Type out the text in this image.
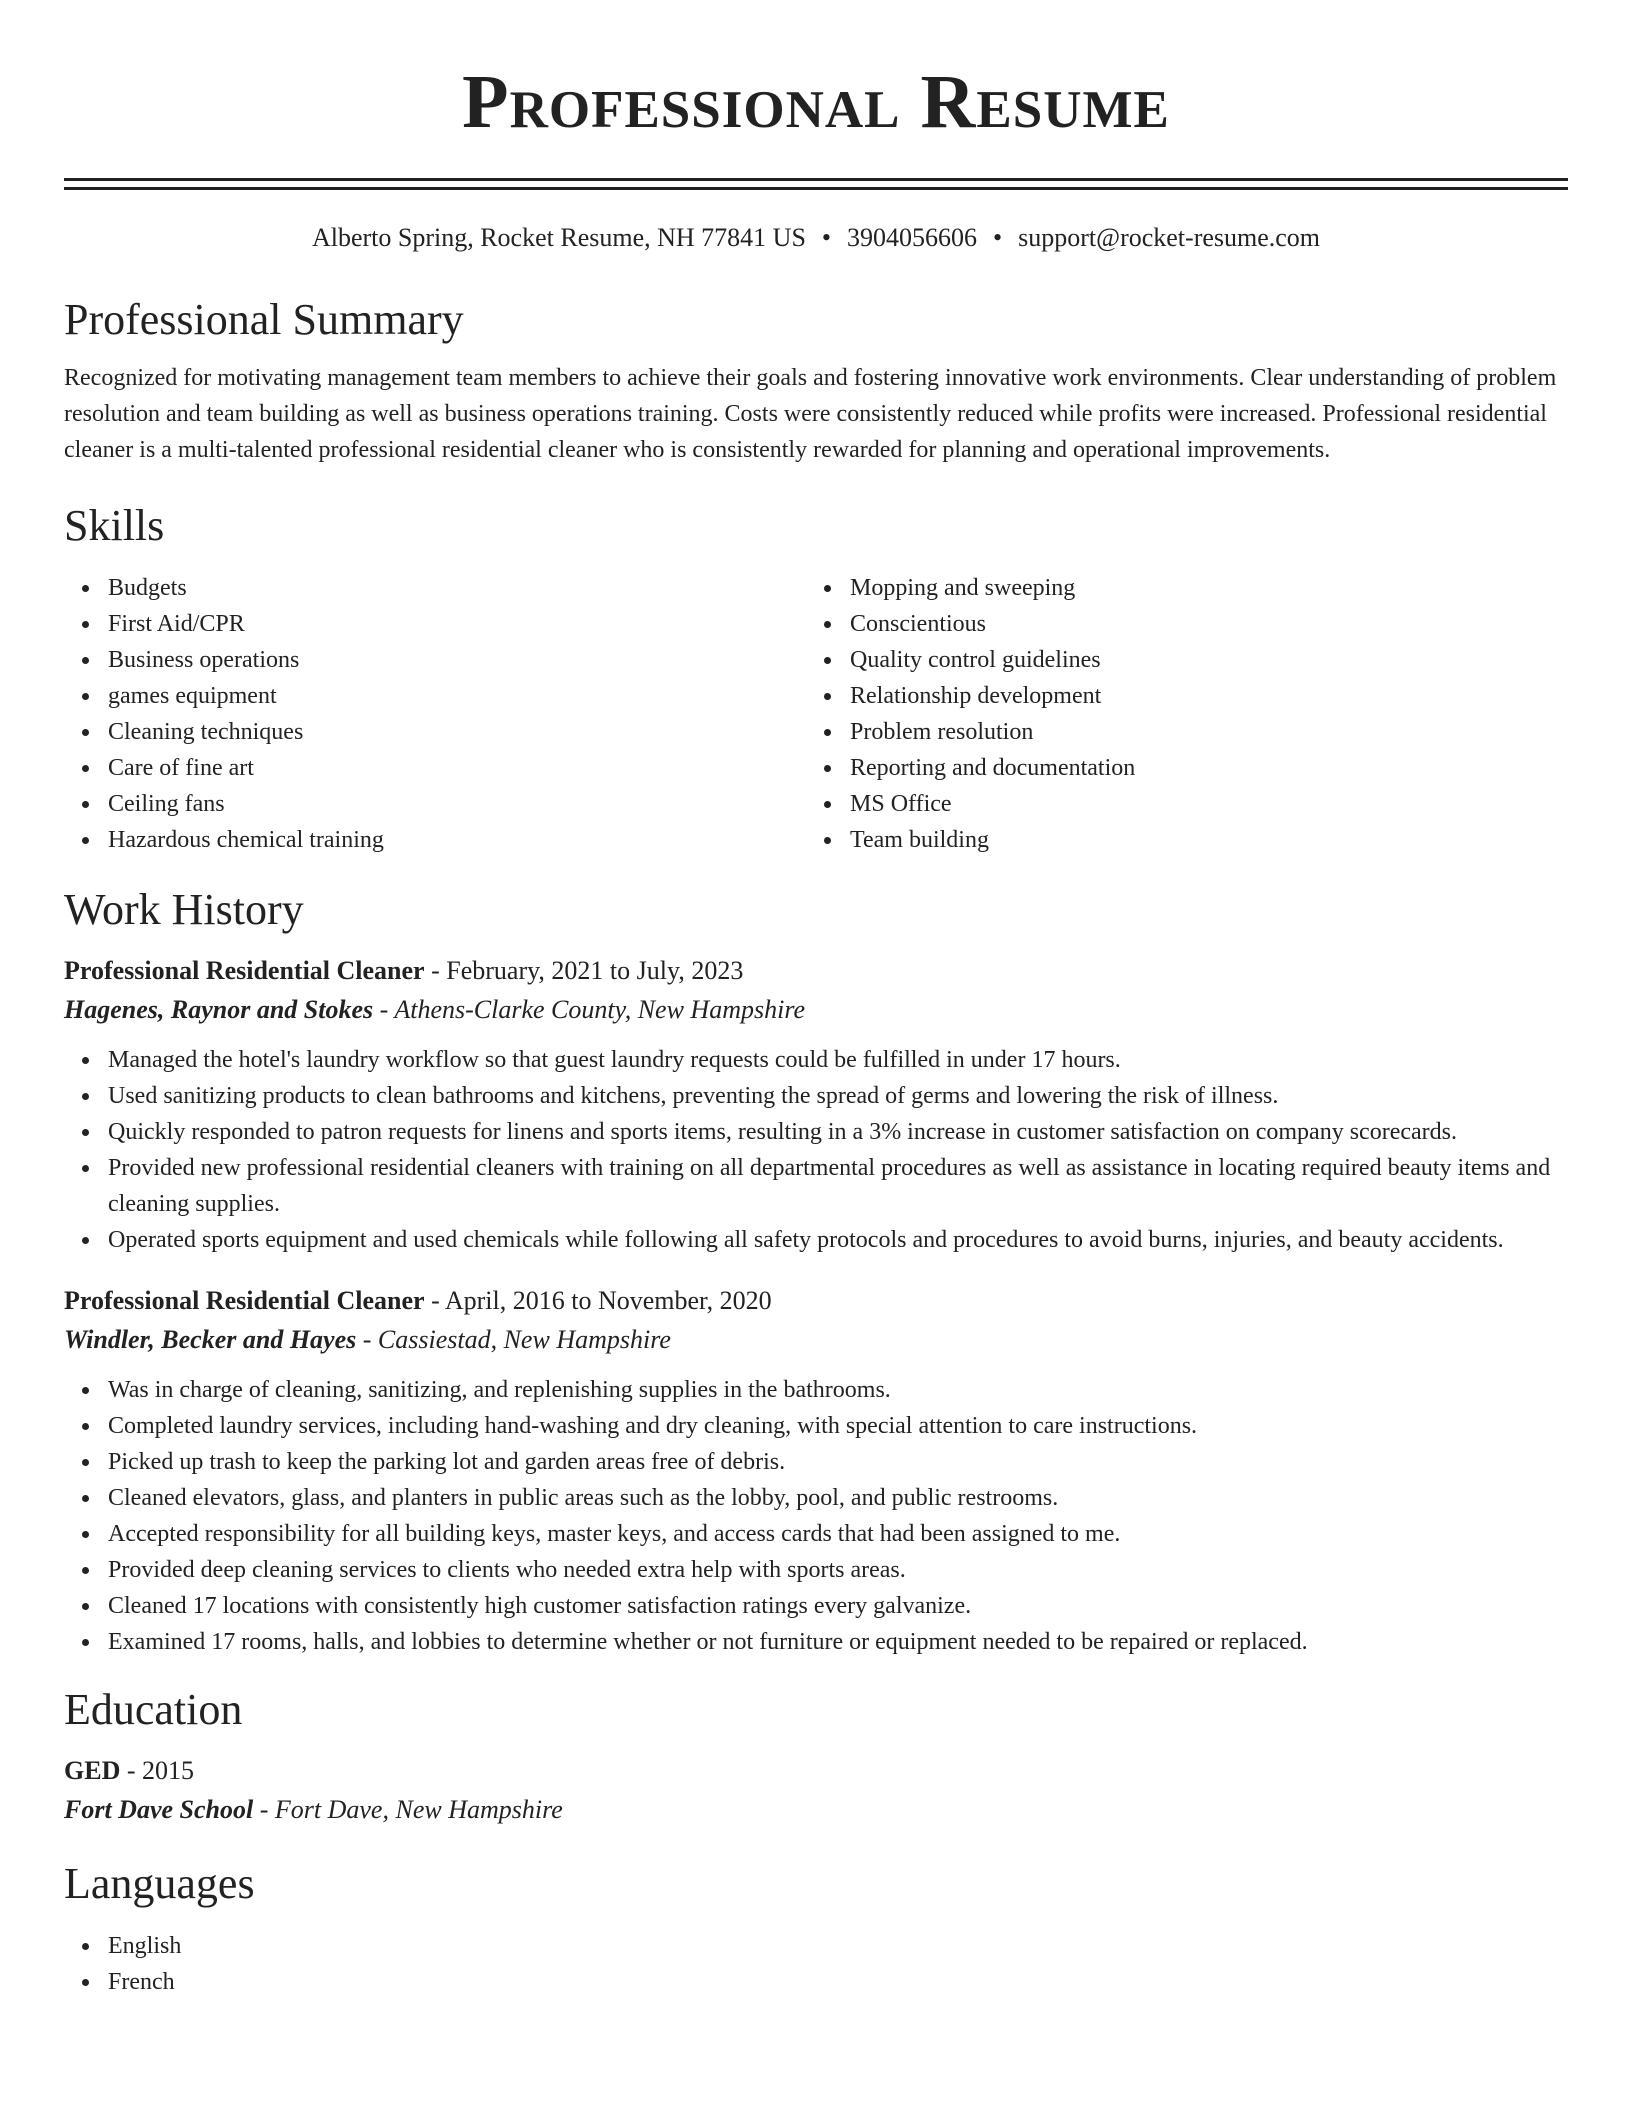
Professional Resume
Alberto Spring, Rocket Resume, NH 77841 US • 3904056606 • support@rocket-resume.com
Professional Summary

Recognized for motivating management team members to achieve their goals and fostering innovative work environments. Clear understanding of problem resolution and team building as well as business operations training. Costs were consistently reduced while profits were increased. Professional residential cleaner is a multi-talented professional residential cleaner who is consistently rewarded for planning and operational improvements.

Skills
Budgets
First Aid/CPR
Business operations
games equipment
Cleaning techniques
Care of fine art
Ceiling fans
Hazardous chemical training
Mopping and sweeping
Conscientious
Quality control guidelines
Relationship development
Problem resolution
Reporting and documentation
MS Office
Team building
Work History
Professional Residential Cleaner - February, 2021 to July, 2023
Hagenes, Raynor and Stokes - Athens-Clarke County, New Hampshire
Managed the hotel's laundry workflow so that guest laundry requests could be fulfilled in under 17 hours.
Used sanitizing products to clean bathrooms and kitchens, preventing the spread of germs and lowering the risk of illness.
Quickly responded to patron requests for linens and sports items, resulting in a 3% increase in customer satisfaction on company scorecards.
Provided new professional residential cleaners with training on all departmental procedures as well as assistance in locating required beauty items and cleaning supplies.
Operated sports equipment and used chemicals while following all safety protocols and procedures to avoid burns, injuries, and beauty accidents.
Professional Residential Cleaner - April, 2016 to November, 2020
Windler, Becker and Hayes - Cassiestad, New Hampshire
Was in charge of cleaning, sanitizing, and replenishing supplies in the bathrooms.
Completed laundry services, including hand-washing and dry cleaning, with special attention to care instructions.
Picked up trash to keep the parking lot and garden areas free of debris.
Cleaned elevators, glass, and planters in public areas such as the lobby, pool, and public restrooms.
Accepted responsibility for all building keys, master keys, and access cards that had been assigned to me.
Provided deep cleaning services to clients who needed extra help with sports areas.
Cleaned 17 locations with consistently high customer satisfaction ratings every galvanize.
Examined 17 rooms, halls, and lobbies to determine whether or not furniture or equipment needed to be repaired or replaced.
Education
GED - 2015
Fort Dave School - Fort Dave, New Hampshire
Languages
English
French
